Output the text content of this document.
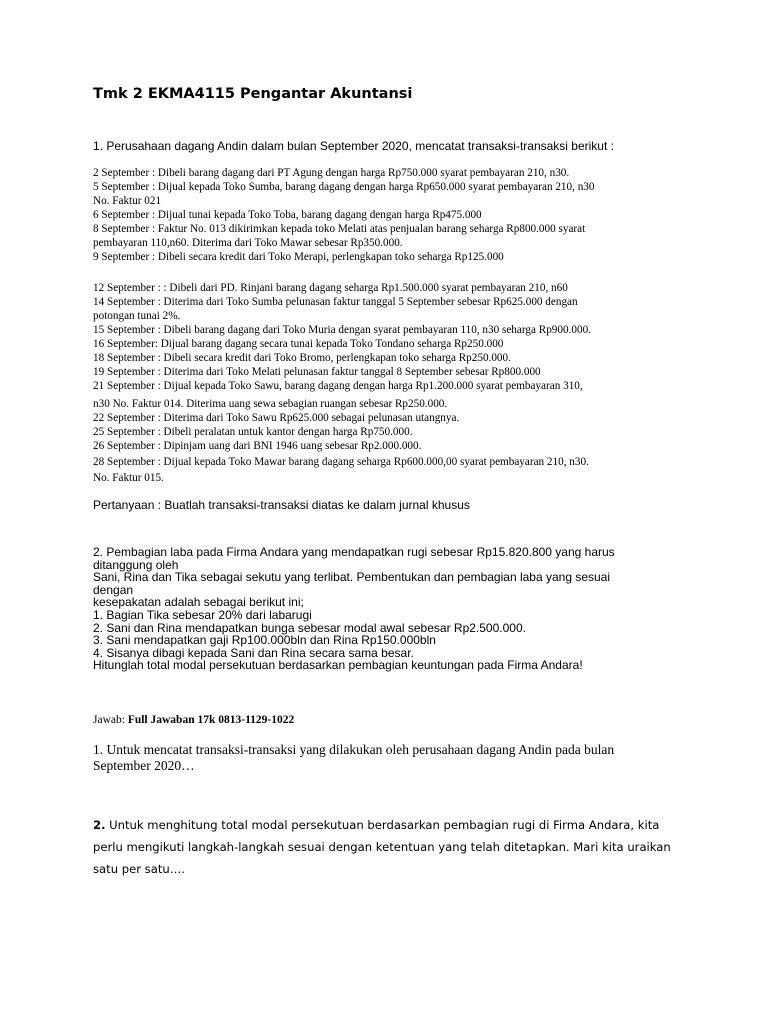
Tmk 2 EKMA4115 Pengantar Akuntansi
1. Perusahaan dagang Andin dalam bulan September 2020, mencatat transaksi-transaksi berikut :
2 September : Dibeli barang dagang dari PT Agung dengan harga Rp750.000 syarat pembayaran 210, n30.
5 September : Dijual kepada Toko Sumba, barang dagang dengan harga Rp650.000 syarat pembayaran 210, n30
No. Faktur 021
6 September : Dijual tunai kepada Toko Toba, barang dagang dengan harga Rp475.000
8 September : Faktur No. 013 dikirimkan kepada toko Melati atas penjualan barang seharga Rp800.000 syarat
pembayaran 110,n60. Diterima dari Toko Mawar sebesar Rp350.000.
9 September : Dibeli secara kredit dari Toko Merapi, perlengkapan toko seharga Rp125.000
12 September : : Dibeli dari PD. Rinjani barang dagang seharga Rp1.500.000 syarat pembayaran 210, n60
14 September : Diterima dari Toko Sumba pelunasan faktur tanggal 5 September sebesar Rp625.000 dengan
potongan tunai 2%.
15 September : Dibeli barang dagang dari Toko Muria dengan syarat pembayaran 110, n30 seharga Rp900.000.
16 September: Dijual barang dagang secara tunai kepada Toko Tondano seharga Rp250.000
18 September : Dibeli secara kredit dari Toko Bromo, perlengkapan toko seharga Rp250.000.
19 September : Diterima dari Toko Melati pelunasan faktur tanggal 8 September sebesar Rp800.000
21 September : Dijual kepada Toko Sawu, barang dagang dengan harga Rp1.200.000 syarat pembayaran 310,
n30 No. Faktur 014. Diterima uang sewa sebagian ruangan sebesar Rp250.000.
22 September : Diterima dari Toko Sawu Rp625.000 sebagai pelunasan utangnya.
25 September : Dibeli peralatan untuk kantor dengan harga Rp750.000.
26 September : Dipinjam uang dari BNI 1946 uang sebesar Rp2.000.000.
28 September : Dijual kepada Toko Mawar barang dagang seharga Rp600.000,00 syarat pembayaran 210, n30.
No. Faktur 015.
Pertanyaan : Buatlah transaksi-transaksi diatas ke dalam jurnal khusus
2. Pembagian laba pada Firma Andara yang mendapatkan rugi sebesar Rp15.820.800 yang harus
ditanggung oleh
Sani, Rina dan Tika sebagai sekutu yang terlibat. Pembentukan dan pembagian laba yang sesuai
dengan
kesepakatan adalah sebagai berikut ini;
1. Bagian Tika sebesar 20% dari labarugi
2. Sani dan Rina mendapatkan bunga sebesar modal awal sebesar Rp2.500.000.
3. Sani mendapatkan gaji Rp100.000bln dan Rina Rp150.000bln
4. Sisanya dibagi kepada Sani dan Rina secara sama besar.
Hitunglah total modal persekutuan berdasarkan pembagian keuntungan pada Firma Andara!
Jawab: Full Jawaban 17k 0813-1129-1022
1. Untuk mencatat transaksi-transaksi yang dilakukan oleh perusahaan dagang Andin pada bulan
September 2020…
2. Untuk menghitung total modal persekutuan berdasarkan pembagian rugi di Firma Andara, kita
perlu mengikuti langkah-langkah sesuai dengan ketentuan yang telah ditetapkan. Mari kita uraikan
satu per satu….
